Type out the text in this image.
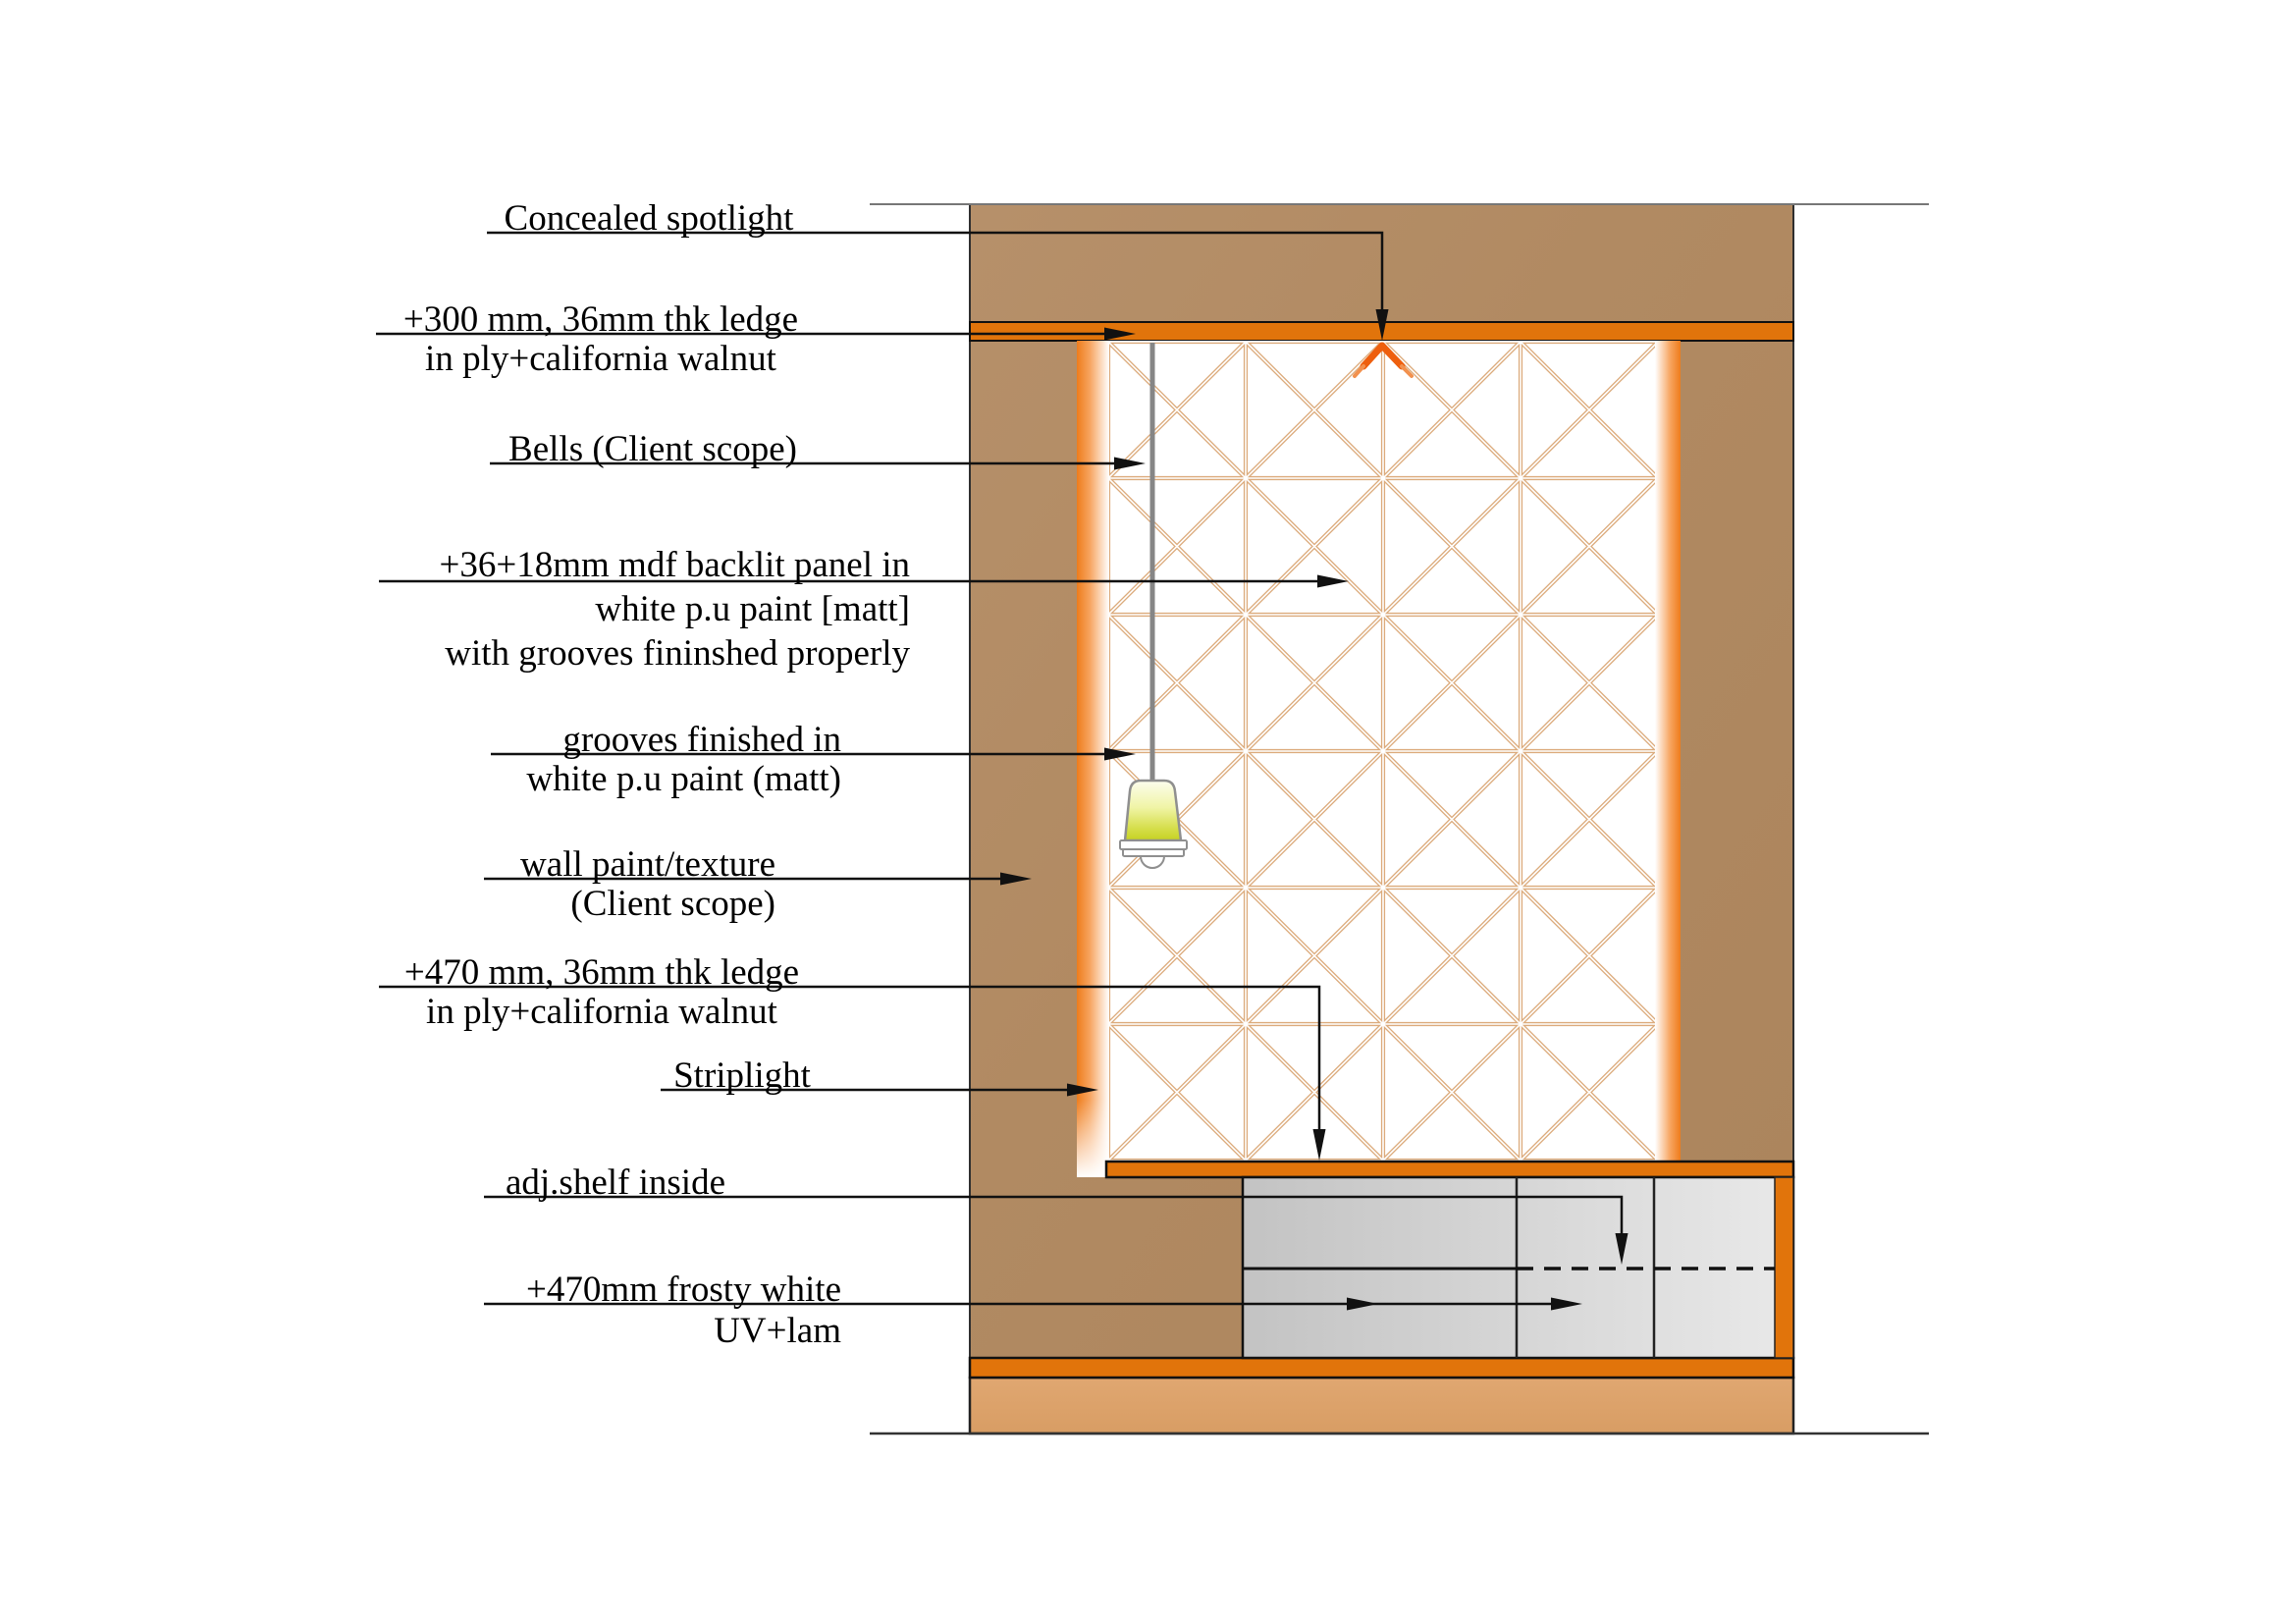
Concealed spotlight
+300 mm, 36mm thk ledge
in ply+california walnut
Bells (Client scope)
+36+18mm mdf backlit panel in
white p.u paint [matt]
with grooves fininshed properly
grooves finished in
white p.u paint (matt)
wall paint/texture
(Client scope)
+470 mm, 36mm thk ledge
in ply+california walnut
Striplight
adj.shelf inside
+470mm frosty white
UV+lam
